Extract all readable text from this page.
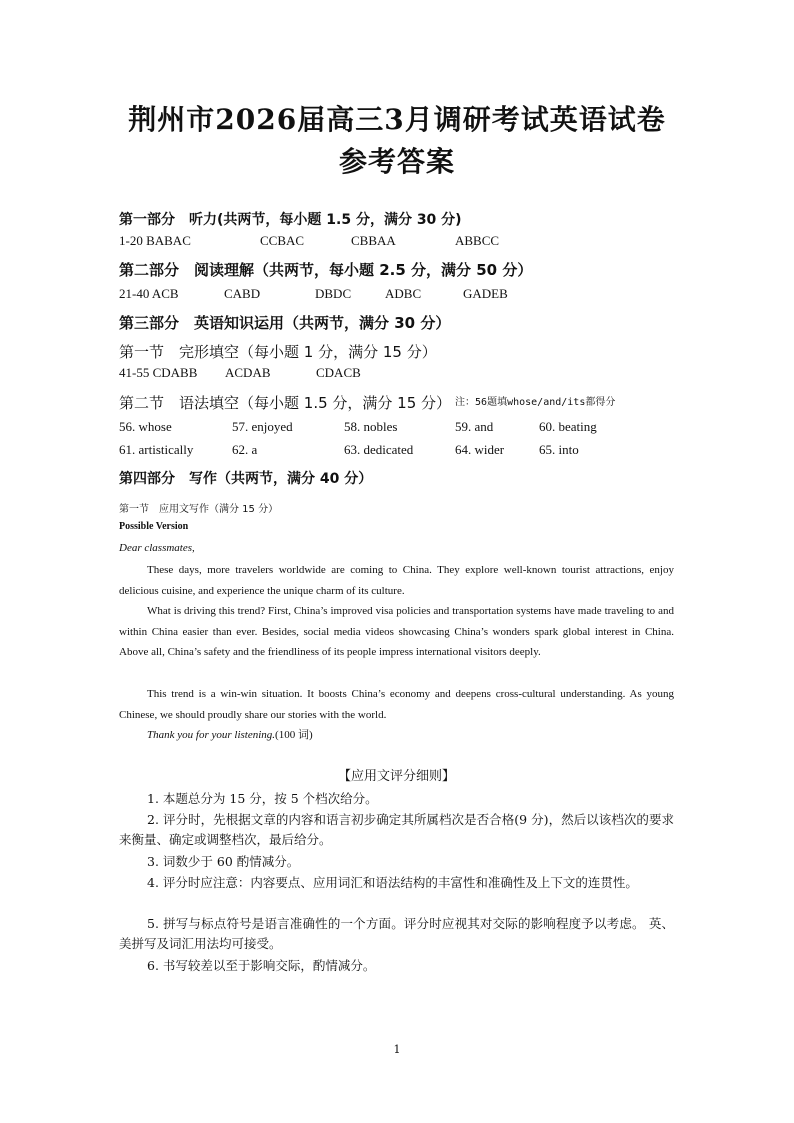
荆州市2026届高三3月调研考试英语试卷
参考答案
第一部分　听力(共两节，每小题 1.5 分，满分 30 分)
1-20 BABAC	CCBAC	CBBAA	ABBCC
第二部分　阅读理解（共两节，每小题 2.5 分，满分 50 分）
21-40 ACB	CABD	DBDC	ADBC	GADEB
第三部分　英语知识运用（共两节，满分 30 分）
第一节　完形填空（每小题 1 分，满分 15 分）
41-55 CDABB ACDAB	CDACB
第二节　语法填空（每小题 1.5 分，满分 15 分） $^{注:56题填whose/and/its都得分}$
56. whose	57. enjoyed	58. nobles	59. and	60. beating
61. artistically	62. a	63. dedicated	64. wider	65. into
第四部分　写作（共两节，满分 40 分）
第一节　应用文写作（满分 15 分）
Possible Version
Dear classmates,
These days, more travelers worldwide are coming to China. They explore well-known tourist attractions, enjoy delicious cuisine, and experience the unique charm of its culture.
What is driving this trend? First, China’s improved visa policies and transportation systems have made traveling to and within China easier than ever. Besides, social media videos showcasing China’s wonders spark global interest in China. Above all, China’s safety and the friendliness of its people impress international visitors deeply.
This trend is a win-win situation. It boosts China’s economy and deepens cross-cultural understanding. As young Chinese, we should proudly share our stories with the world.
Thank you for your listening.(100 词)
【应用文评分细则】
1. 本题总分为 15 分，按 5 个档次给分。
2. 评分时，先根据文章的内容和语言初步确定其所属档次是否合格(9 分)，然后以该档次的要求来衡量、确定或调整档次，最后给分。
3. 词数少于 60 酌情减分。
4. 评分时应注意：内容要点、应用词汇和语法结构的丰富性和准确性及上下文的连贯性。
5. 拼写与标点符号是语言准确性的一个方面。评分时应视其对交际的影响程度予以考虑。 英、美拼写及词汇用法均可接受。
6. 书写较差以至于影响交际，酌情减分。
1
